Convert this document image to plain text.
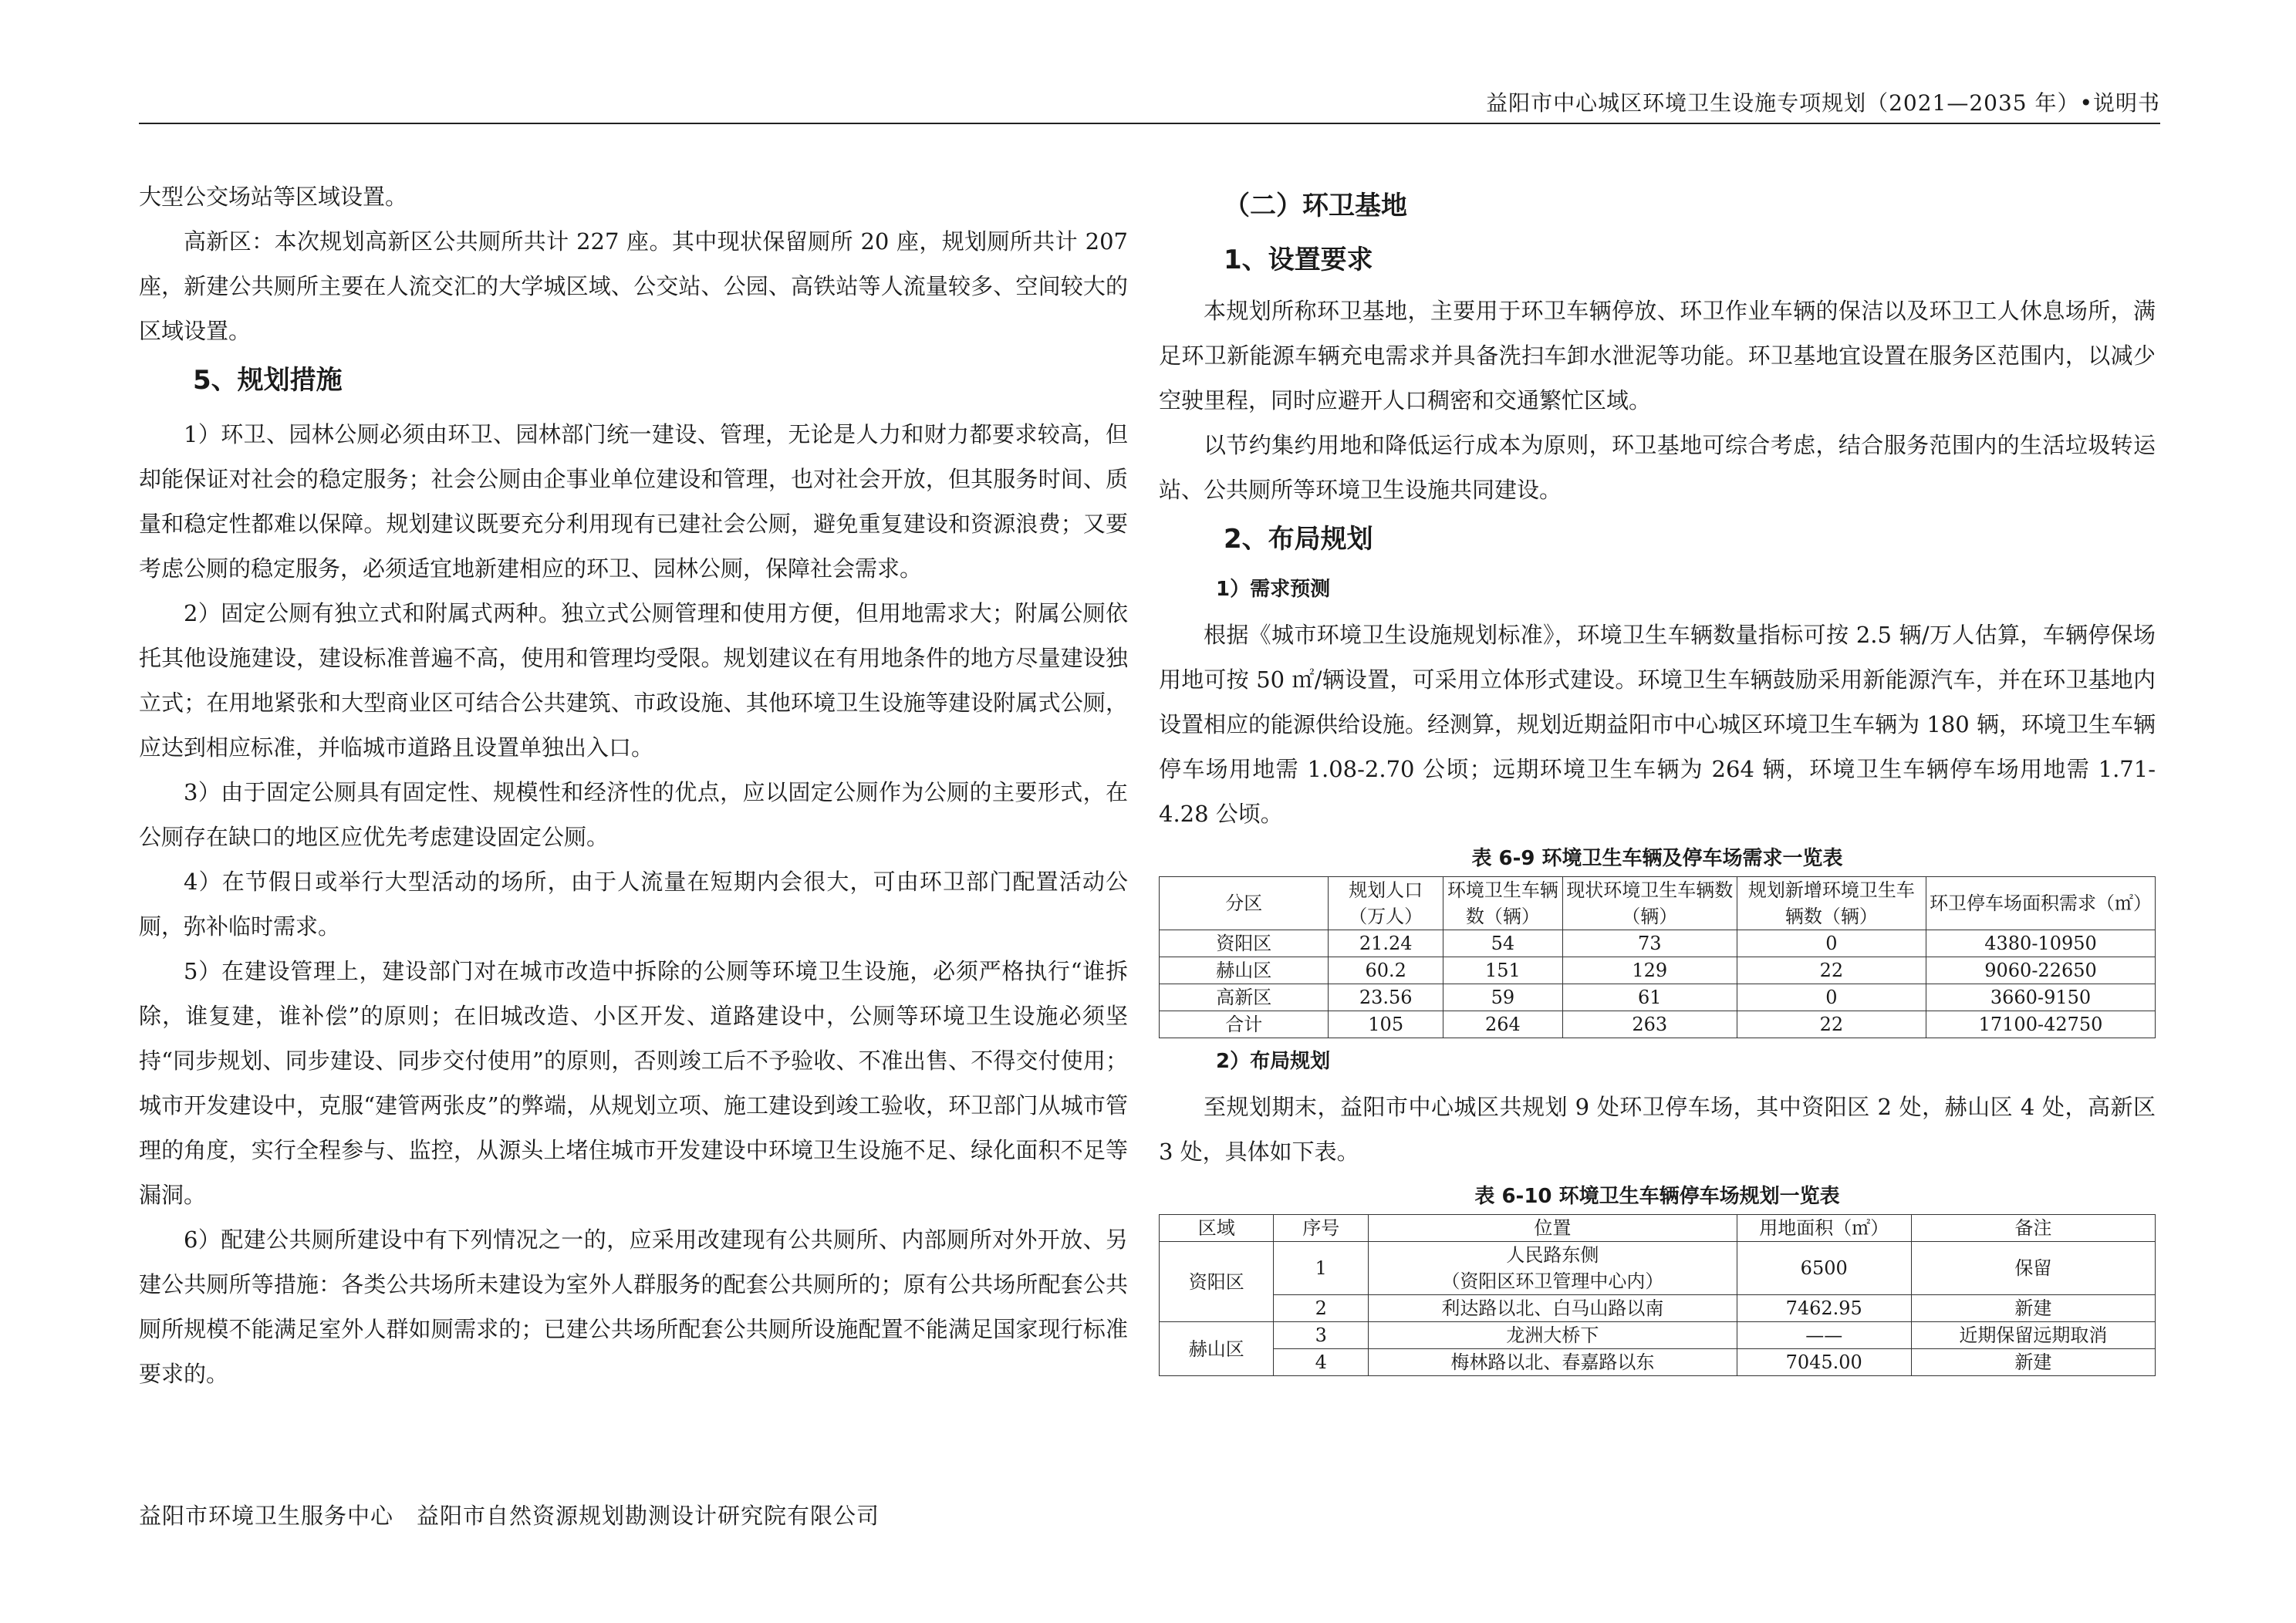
益阳市中心城区环境卫生设施专项规划（2021—2035 年）•说明书

大型公交场站等区域设置。

高新区：本次规划高新区公共厕所共计 227 座。其中现状保留厕所 20 座，规划厕所共计 207 座，新建公共厕所主要在人流交汇的大学城区域、公交站、公园、高铁站等人流量较多、空间较大的区域设置。

5、规划措施

1）环卫、园林公厕必须由环卫、园林部门统一建设、管理，无论是人力和财力都要求较高，但却能保证对社会的稳定服务；社会公厕由企事业单位建设和管理，也对社会开放，但其服务时间、质量和稳定性都难以保障。规划建议既要充分利用现有已建社会公厕，避免重复建设和资源浪费；又要考虑公厕的稳定服务，必须适宜地新建相应的环卫、园林公厕，保障社会需求。

2）固定公厕有独立式和附属式两种。独立式公厕管理和使用方便，但用地需求大；附属公厕依托其他设施建设，建设标准普遍不高，使用和管理均受限。规划建议在有用地条件的地方尽量建设独立式；在用地紧张和大型商业区可结合公共建筑、市政设施、其他环境卫生设施等建设附属式公厕，应达到相应标准，并临城市道路且设置单独出入口。

3）由于固定公厕具有固定性、规模性和经济性的优点，应以固定公厕作为公厕的主要形式，在公厕存在缺口的地区应优先考虑建设固定公厕。

4）在节假日或举行大型活动的场所，由于人流量在短期内会很大，可由环卫部门配置活动公厕，弥补临时需求。

5）在建设管理上，建设部门对在城市改造中拆除的公厕等环境卫生设施，必须严格执行“谁拆除，谁复建，谁补偿”的原则；在旧城改造、小区开发、道路建设中，公厕等环境卫生设施必须坚持“同步规划、同步建设、同步交付使用”的原则，否则竣工后不予验收、不准出售、不得交付使用；城市开发建设中，克服“建管两张皮”的弊端，从规划立项、施工建设到竣工验收，环卫部门从城市管理的角度，实行全程参与、监控，从源头上堵住城市开发建设中环境卫生设施不足、绿化面积不足等漏洞。

6）配建公共厕所建设中有下列情况之一的，应采用改建现有公共厕所、内部厕所对外开放、另建公共厕所等措施：各类公共场所未建设为室外人群服务的配套公共厕所的；原有公共场所配套公共厕所规模不能满足室外人群如厕需求的；已建公共场所配套公共厕所设施配置不能满足国家现行标准要求的。

（二）环卫基地

1、设置要求

本规划所称环卫基地，主要用于环卫车辆停放、环卫作业车辆的保洁以及环卫工人休息场所，满足环卫新能源车辆充电需求并具备洗扫车卸水泄泥等功能。环卫基地宜设置在服务区范围内，以减少空驶里程，同时应避开人口稠密和交通繁忙区域。

以节约集约用地和降低运行成本为原则，环卫基地可综合考虑，结合服务范围内的生活垃圾转运站、公共厕所等环境卫生设施共同建设。

2、布局规划

1）需求预测

根据《城市环境卫生设施规划标准》，环境卫生车辆数量指标可按 2.5 辆/万人估算，车辆停保场用地可按 50 ㎡/辆设置，可采用立体形式建设。环境卫生车辆鼓励采用新能源汽车，并在环卫基地内设置相应的能源供给设施。经测算，规划近期益阳市中心城区环境卫生车辆为 180 辆，环境卫生车辆停车场用地需 1.08-2.70 公顷；远期环境卫生车辆为 264 辆，环境卫生车辆停车场用地需 1.71-4.28 公顷。

表 6-9 环境卫生车辆及停车场需求一览表

分区	规划人口（万人）	环境卫生车辆数（辆）	现状环境卫生车辆数（辆）	规划新增环境卫生车辆数（辆）	环卫停车场面积需求（㎡）
资阳区	21.24	54	73	0	4380-10950
赫山区	60.2	151	129	22	9060-22650
高新区	23.56	59	61	0	3660-9150
合计	105	264	263	22	17100-42750

2）布局规划

至规划期末，益阳市中心城区共规划 9 处环卫停车场，其中资阳区 2 处，赫山区 4 处，高新区 3 处，具体如下表。

表 6-10 环境卫生车辆停车场规划一览表

区域	序号	位置	用地面积（㎡）	备注
资阳区	1	人民路东侧
（资阳区环卫管理中心内）	6500	保留
	2	利达路以北、白马山路以南	7462.95	新建
赫山区	3	龙洲大桥下	——	近期保留远期取消
	4	梅林路以北、春嘉路以东	7045.00	新建
益阳市环境卫生服务中心 益阳市自然资源规划勘测设计研究院有限公司
